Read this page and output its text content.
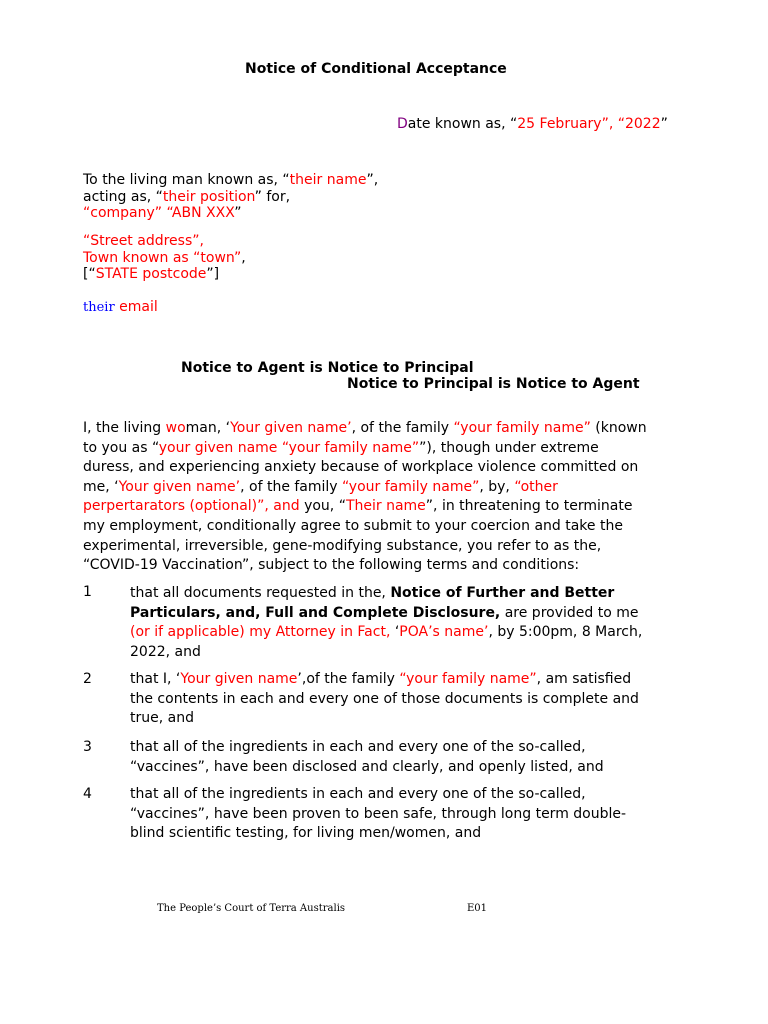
Notice of Conditional Acceptance
Date known as, “25 February”, “2022”
To the living man known as, “their name”,
acting as, “their position” for,
“company” “ABN XXX”
“Street address”,
Town known as “town”,
[“STATE postcode”]
their email
Notice to Agent is Notice to Principal
Notice to Principal is Notice to Agent
I, the living woman, ‘Your given name’, of the family “your family name” (known
to you as “your given name “your family name””), though under extreme
duress, and experiencing anxiety because of workplace violence committed on
me, ‘Your given name’, of the family “your family name”, by, “other
perpertarators (optional)”, and you, “Their name”, in threatening to terminate
my employment, conditionally agree to submit to your coercion and take the
experimental, irreversible, gene-modifying substance, you refer to as the,
“COVID-19 Vaccination”, subject to the following terms and conditions:
1	that all documents requested in the, Notice of Further and Better
Particulars, and, Full and Complete Disclosure, are provided to me
(or if applicable) my Attorney in Fact, ‘POA’s name’, by 5:00pm, 8 March,
2022, and
2	that I, ‘Your given name’,of the family “your family name”, am satisfied
the contents in each and every one of those documents is complete and
true, and
3	that all of the ingredients in each and every one of the so-called,
“vaccines”, have been disclosed and clearly, and openly listed, and
4	that all of the ingredients in each and every one of the so-called,
“vaccines”, have been proven to been safe, through long term double-
blind scientific testing, for living men/women, and
The People’s Court of Terra Australis	E01
